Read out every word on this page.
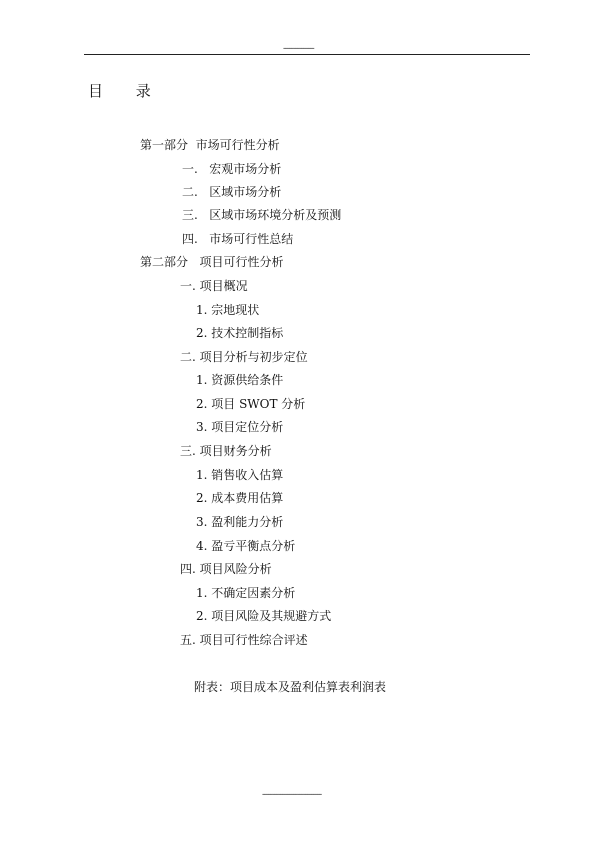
---------------
目 录
第一部分  市场可行性分析
一.   宏观市场分析
二.   区域市场分析
三.   区域市场环境分析及预测
四.   市场可行性总结
第二部分   项目可行性分析
一. 项目概况
1. 宗地现状
2. 技术控制指标
二. 项目分析与初步定位
1. 资源供给条件
2. 项目 SWOT 分析
3. 项目定位分析
三. 项目财务分析
1. 销售收入估算
2. 成本费用估算
3. 盈利能力分析
4. 盈亏平衡点分析
四. 项目风险分析
1. 不确定因素分析
2. 项目风险及其规避方式
五. 项目可行性综合评述
附表：项目成本及盈利估算表利润表
-----------------------------
